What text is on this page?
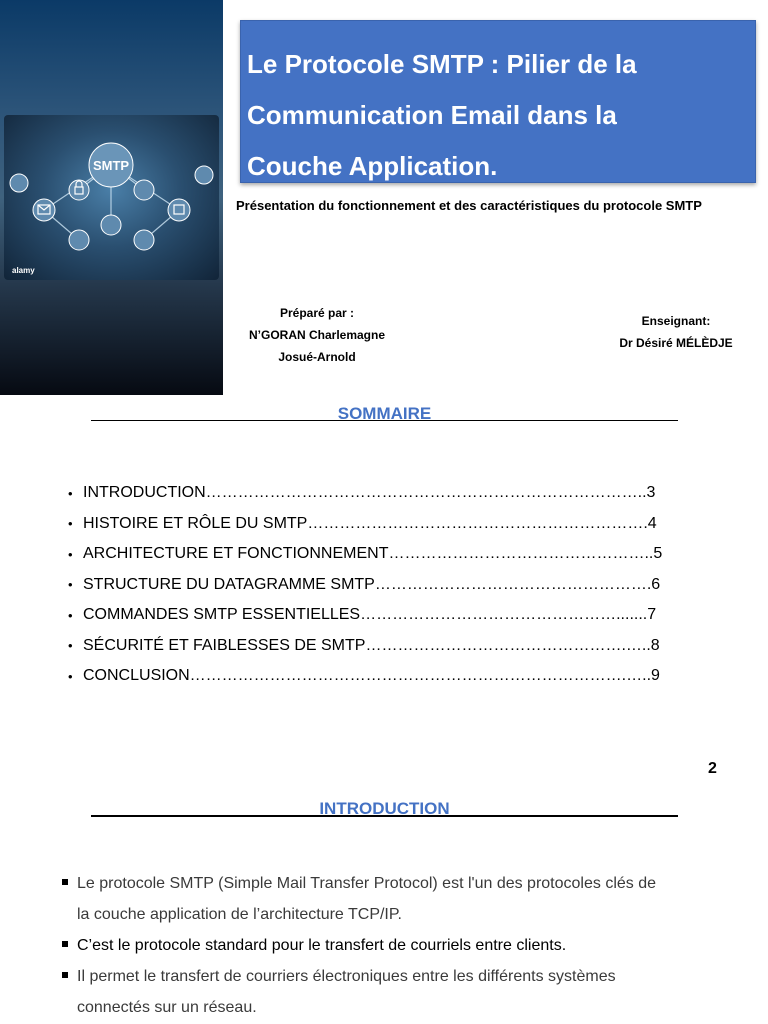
SMTP
alamy
Le Protocole SMTP : Pilier de la
Communication Email dans la
Couche Application.
Présentation du fonctionnement et des caractéristiques du protocole SMTP
Préparé par :
N’GORAN Charlemagne
Josué-Arnold
Enseignant:
Dr Désiré MÉLÈDJE
SOMMAIRE
• INTRODUCTION………………………………………………………………………..3
• HISTOIRE ET RÔLE DU SMTP……………………………………………………….4
• ARCHITECTURE ET FONCTIONNEMENT…………………………………………..5
• STRUCTURE DU DATAGRAMME SMTP…………………………………………….6
• COMMANDES SMTP ESSENTIELLES………………………………………….......7
• SÉCURITÉ ET FAIBLESSES DE SMTP………………………………………….…..8
• CONCLUSION……………………………………………………………………….…..9
2
INTRODUCTION
Le protocole SMTP (Simple Mail Transfer Protocol) est l'un des protocoles clés de
la couche application de l’architecture TCP/IP.
C’est le protocole standard pour le transfert de courriels entre clients.
Il permet le transfert de courriers électroniques entre les différents systèmes
connectés sur un réseau.
